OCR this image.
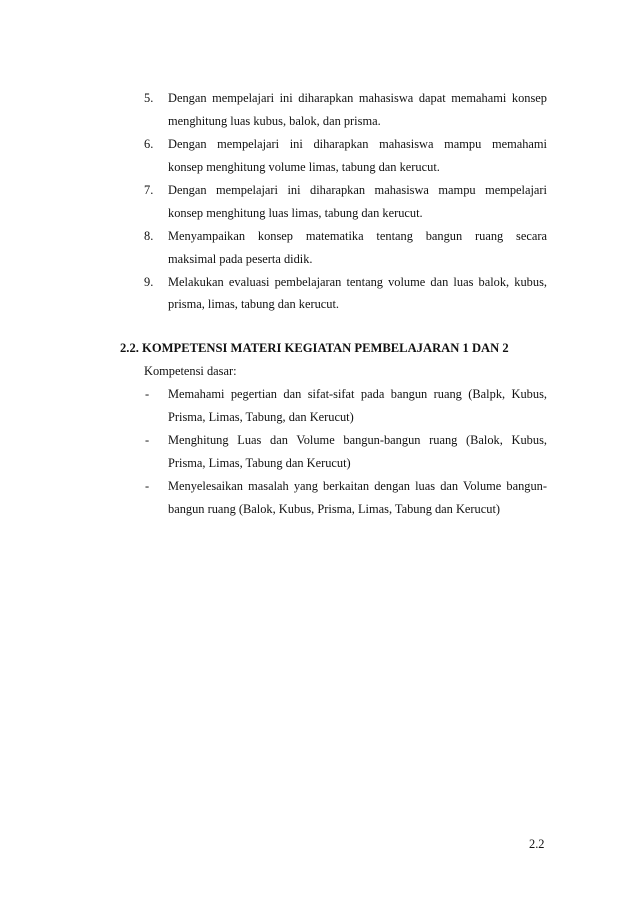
5. Dengan mempelajari ini diharapkan mahasiswa dapat memahami konsep
menghitung luas kubus, balok, dan prisma.
6. Dengan mempelajari ini diharapkan mahasiswa mampu memahami
konsep menghitung volume limas, tabung dan kerucut.
7. Dengan mempelajari ini diharapkan mahasiswa mampu mempelajari
konsep menghitung luas limas, tabung dan kerucut.
8. Menyampaikan konsep matematika tentang bangun ruang secara
maksimal pada peserta didik.
9. Melakukan evaluasi pembelajaran tentang volume dan luas balok, kubus,
prisma, limas, tabung dan kerucut.
2.2. KOMPETENSI MATERI KEGIATAN PEMBELAJARAN 1 DAN 2
Kompetensi dasar:
- Memahami pegertian dan sifat-sifat pada bangun ruang (Balpk, Kubus,
Prisma, Limas, Tabung, dan Kerucut)
- Menghitung Luas dan Volume bangun-bangun ruang (Balok, Kubus,
Prisma, Limas, Tabung dan Kerucut)
- Menyelesaikan masalah yang berkaitan dengan luas dan Volume bangun-
bangun ruang (Balok, Kubus, Prisma, Limas, Tabung dan Kerucut)
2.2
